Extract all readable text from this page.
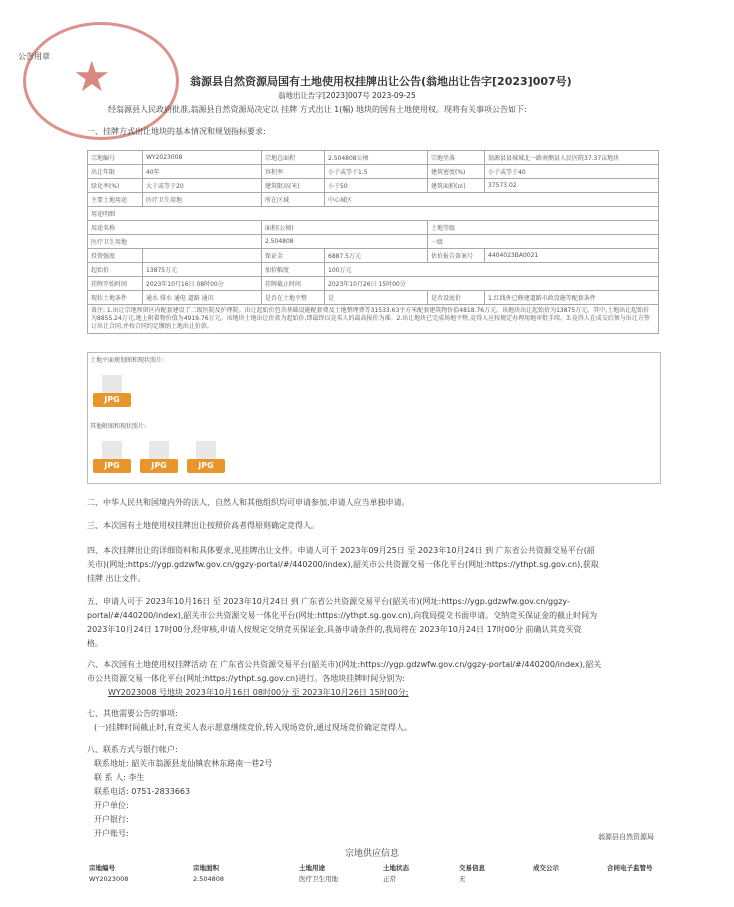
★
公告用章
翁源县自然资源局国有土地使用权挂牌出让公告(翁地出让告字[2023]007号)
翁地出让告字[2023]007号 2023-09-25
经翁源县人民政府批准,翁源县自然资源局决定以 挂牌 方式出让 1(幅) 地块的国有土地使用权。现将有关事项公告如下:
一、挂牌方式出让地块的基本情况和规划指标要求:
宗地编号	WY2023008	宗地总面积	2.504808公顷	宗地坐落	翁源县县城城北一路南侧县人民医院37.37亩地块
出让年限	40年	容积率	小于或等于1.5	建筑密度(%)	小于或等于40
绿化率(%)	大于或等于20	建筑限高(米)	小于50	建筑面积(㎡)	37573.02
主要土地用途	医疗卫生用地	所在区域	中心城区		
用途明细					
用途名称		面积(公顷)		土地等级	
医疗卫生用地		2.504808		一级	
投资强度		保证金	6887.5万元	估价报告备案号	4404023BA0021
起始价	13875万元	加价幅度	100万元		
挂牌开始时间	2023年10月16日 08时00分	挂牌截止时间	2023年10月26日 15时00分		
现状土地条件	通水 排水 通电 道路 通讯	是否在土地平整	是	是否设底价	1.红线外已修建道路市政设施等配套条件
备注: 1.出让宗地预留区内配套建设了二级医院及护理院。出让起始价包含基础设施配套费及土地整理费等31533.63平方米配套建筑物价值4818.76万元。该地块出让起始价为13875万元。其中,土地出让起始价为8855.24万元,地上附着物价值为4919.76万元。该地块土地出让价款为起始价,即最终以竞买人的最高报价为准。2.出让地块已完成场地平整,竞得人应按规定办理用地审批手续。3.竞得人在成交后须与出让方签订出让合同,并按合同约定缴纳土地出让价款。					
土地平面规划图和现状照片:
JPG
其他附图和现状照片:
JPG	JPG	JPG
二、中华人民共和国境内外的法人、自然人和其他组织均可申请参加,申请人应当单独申请。
三、本次国有土地使用权挂牌出让按照价高者得原则确定竞得人。
四、本次挂牌出让的详细资料和具体要求,见挂牌出让文件。申请人可于 2023年09月25日 至 2023年10月24日 到 广东省公共资源交易平台(韶
关市)(网址:https://ygp.gdzwfw.gov.cn/ggzy-portal/#/440200/index),韶关市公共资源交易一体化平台(网址:https://ythpt.sg.gov.cn),获取
挂牌 出让文件。
五、申请人可于 2023年10月16日 至 2023年10月24日 到 广东省公共资源交易平台(韶关市)(网址:https://ygp.gdzwfw.gov.cn/ggzy-
portal/#/440200/index),韶关市公共资源交易一体化平台(网址:https://ythpt.sg.gov.cn),向我局提交书面申请。交纳竞买保证金的截止时间为
2023年10月24日 17时00分,经审核,申请人按规定交纳竞买保证金,具备申请条件的,我局将在 2023年10月24日 17时00分 前确认其竞买资
格。
六、本次国有土地使用权挂牌活动 在 广东省公共资源交易平台(韶关市)(网址:https://ygp.gdzwfw.gov.cn/ggzy-portal/#/440200/index),韶关
市公共资源交易一体化平台(网址:https://ythpt.sg.gov.cn)进行。各地块挂牌时间分别为:
WY2023008 号地块 2023年10月16日 08时00分 至 2023年10月26日 15时00分;
七、其他需要公告的事项:
(一)挂牌时间截止时,有竞买人表示愿意继续竞价,转入现场竞价,通过现场竞价确定竞得人。
八、联系方式与银行帐户:
联系地址: 韶关市翁源县龙仙镇农林东路南一巷2号
联 系 人: 李生
联系电话: 0751-2833663
开户单位:
开户银行:
开户账号:	翁源县自然资源局
宗地供应信息
宗地编号	宗地面积	土地用途	土地状态	交易信息	成交公示	合同电子监管号
WY2023008	2.504808	医疗卫生用地	正常	无		
